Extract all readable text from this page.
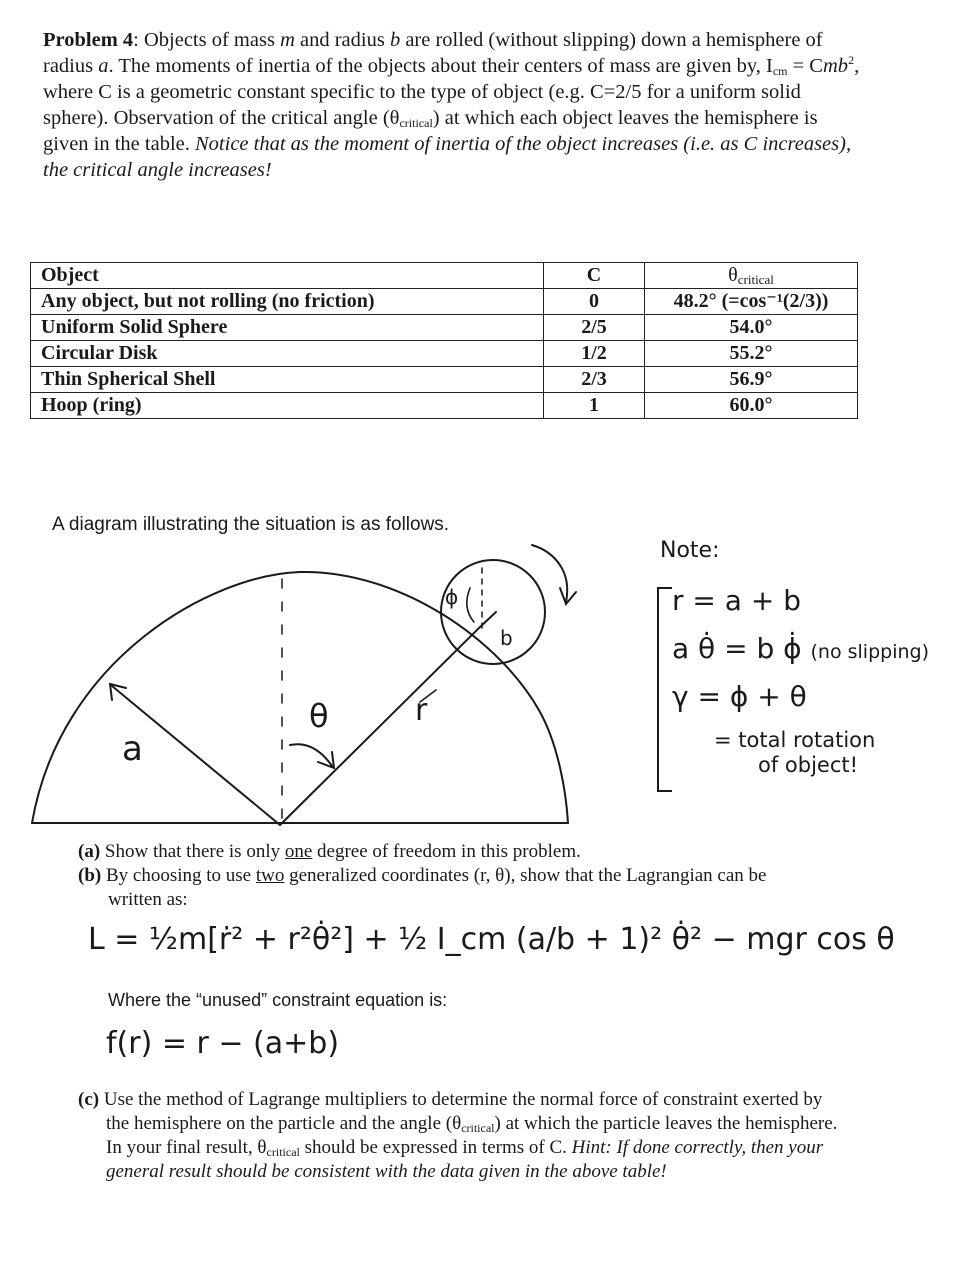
Problem 4: Objects of mass m and radius b are rolled (without slipping) down a hemisphere of radius a. The moments of inertia of the objects about their centers of mass are given by, $I_{cm} = Cmb^2$, where C is a geometric constant specific to the type of object (e.g. C=2/5 for a uniform solid sphere). Observation of the critical angle $(\theta_{critical})$ at which each object leaves the hemisphere is given in the table. Notice that as the moment of inertia of the object increases (i.e. as C increases), the critical angle increases!
Object	C	$\theta_{critical}$
Any object, but not rolling (no friction)	0	48.2° (=cos⁻¹(2/3))
Uniform Solid Sphere	2/5	54.0°
Circular Disk	1/2	55.2°
Thin Spherical Shell	2/3	56.9°
Hoop (ring)	1	60.0°
A diagram illustrating the situation is as follows.
a
θ	r
b
ϕ
Note:
r = a + b
a θ̇ = b ϕ̇ (no slipping)
γ = ϕ + θ
= total rotation
of object!
(a) Show that there is only one degree of freedom in this problem.
(b) By choosing to use two generalized coordinates (r, θ), show that the Lagrangian can be written as:
L = ½m[ṙ² + r²θ̇²] + ½ I_cm (a/b + 1)² θ̇² − mgr cos θ
Where the “unused” constraint equation is:
f(r) = r − (a+b)
(c) Use the method of Lagrange multipliers to determine the normal force of constraint exerted by the hemisphere on the particle and the angle $(\theta_{critical})$ at which the particle leaves the hemisphere. In your final result, $\theta_{critical}$ should be expressed in terms of C. Hint: If done correctly, then your general result should be consistent with the data given in the above table!
